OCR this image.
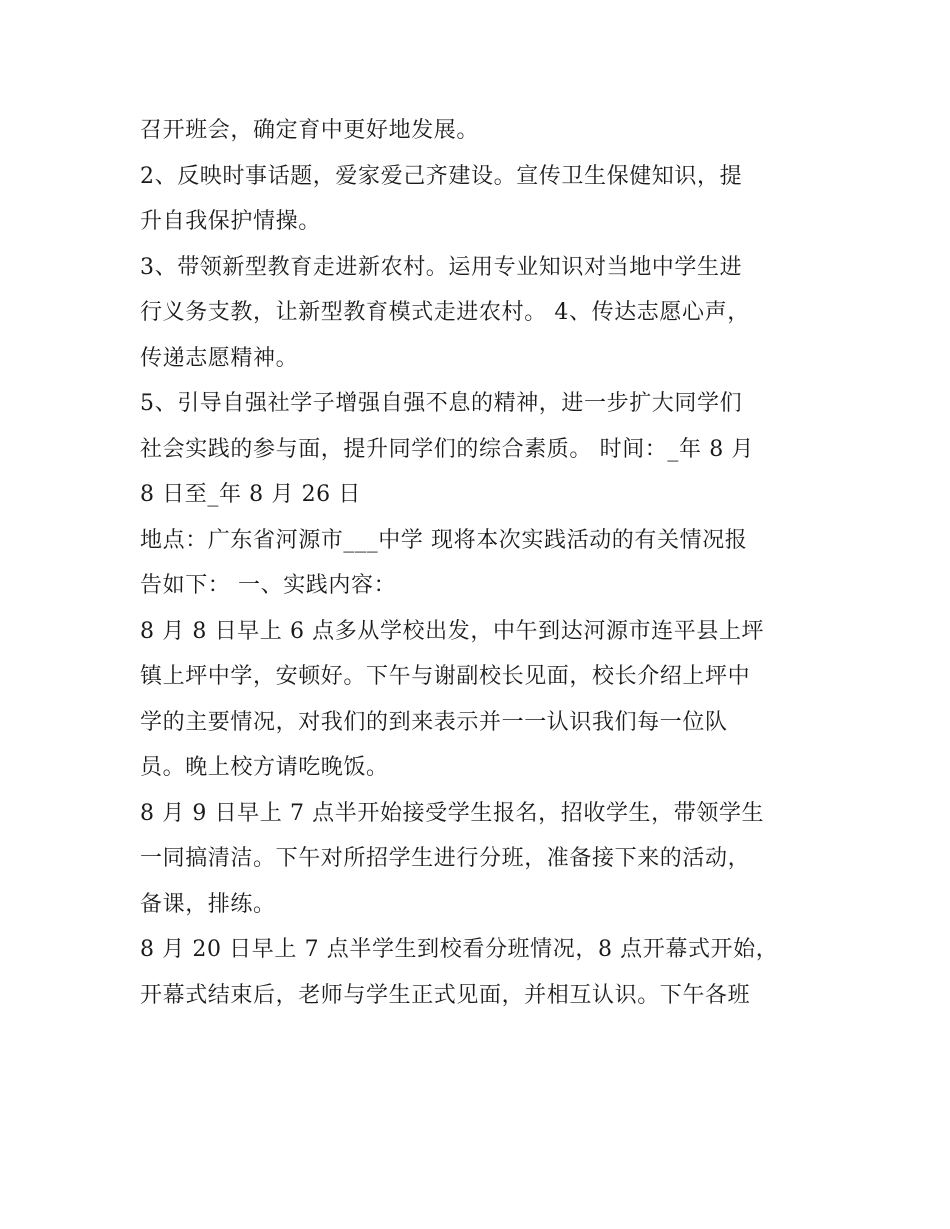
召开班会，确定育中更好地发展。
2、反映时事话题，爱家爱己齐建设。宣传卫生保健知识，提
升自我保护情操。
3、带领新型教育走进新农村。运用专业知识对当地中学生进
行义务支教，让新型教育模式走进农村。 4、传达志愿心声，
传递志愿精神。
5、引导自强社学子增强自强不息的精神，进一步扩大同学们
社会实践的参与面，提升同学们的综合素质。 时间：_年 8 月
8 日至_年 8 月 26 日
地点：广东省河源市___中学 现将本次实践活动的有关情况报
告如下： 一、实践内容：
8 月 8 日早上 6 点多从学校出发，中午到达河源市连平县上坪
镇上坪中学，安顿好。下午与谢副校长见面，校长介绍上坪中
学的主要情况，对我们的到来表示并一一认识我们每一位队
员。晚上校方请吃晚饭。
8 月 9 日早上 7 点半开始接受学生报名，招收学生，带领学生
一同搞清洁。下午对所招学生进行分班，准备接下来的活动，
备课，排练。
8 月 20 日早上 7 点半学生到校看分班情况，8 点开幕式开始，
开幕式结束后，老师与学生正式见面，并相互认识。下午各班
